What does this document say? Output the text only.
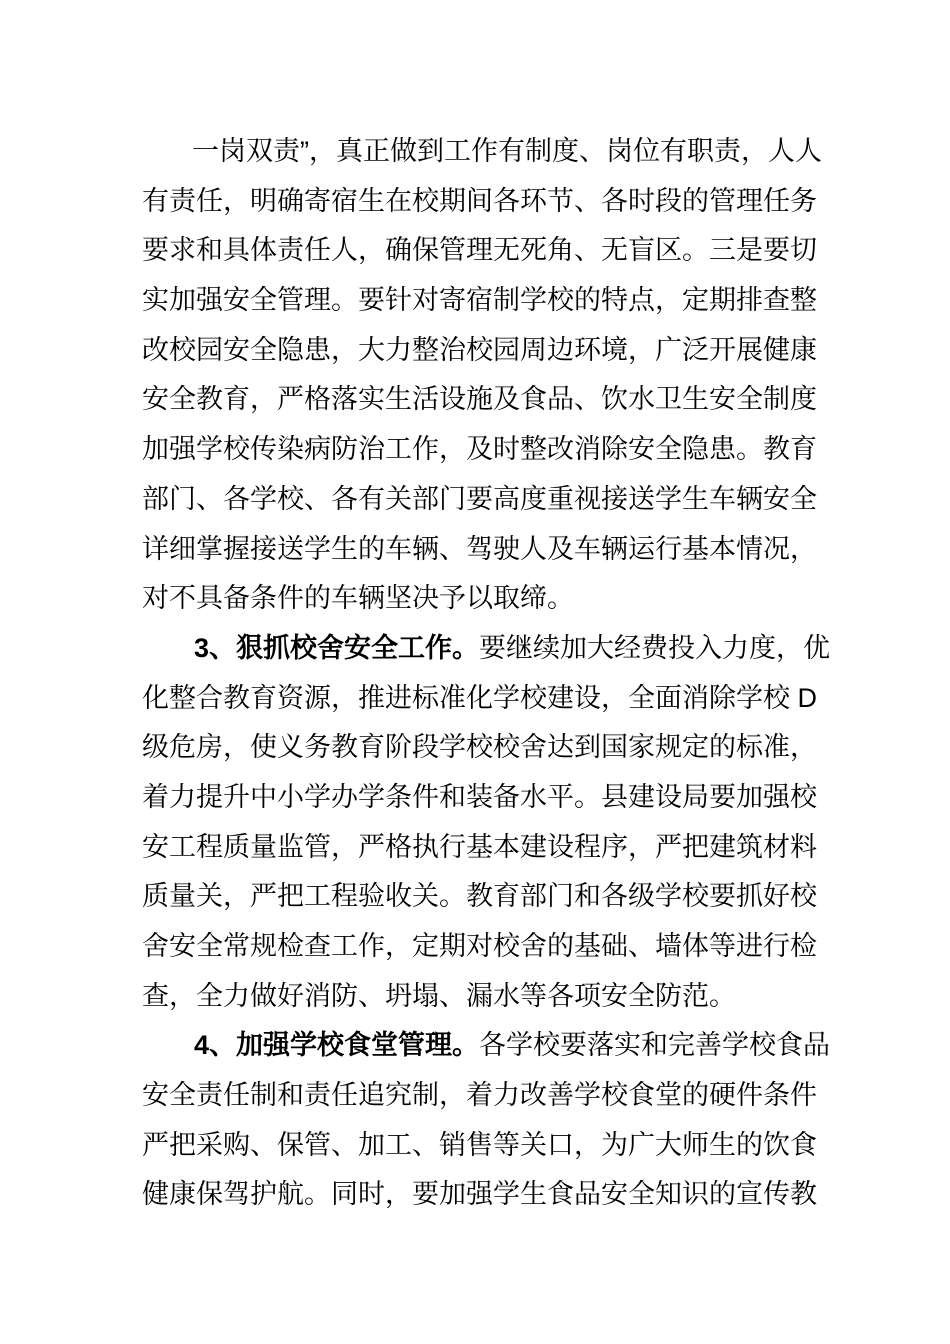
一岗双责”，真正做到工作有制度、岗位有职责，人人
有责任，明确寄宿生在校期间各环节、各时段的管理任务
要求和具体责任人，确保管理无死角、无盲区。三是要切
实加强安全管理。要针对寄宿制学校的特点，定期排查整
改校园安全隐患，大力整治校园周边环境，广泛开展健康
安全教育，严格落实生活设施及食品、饮水卫生安全制度
加强学校传染病防治工作，及时整改消除安全隐患。教育
部门、各学校、各有关部门要高度重视接送学生车辆安全
详细掌握接送学生的车辆、驾驶人及车辆运行基本情况，
对不具备条件的车辆坚决予以取缔。
3、狠抓校舍安全工作。要继续加大经费投入力度，优
化整合教育资源，推进标准化学校建设，全面消除学校 D
级危房，使义务教育阶段学校校舍达到国家规定的标准，
着力提升中小学办学条件和装备水平。县建设局要加强校
安工程质量监管，严格执行基本建设程序，严把建筑材料
质量关，严把工程验收关。教育部门和各级学校要抓好校
舍安全常规检查工作，定期对校舍的基础、墙体等进行检
查，全力做好消防、坍塌、漏水等各项安全防范。
4、加强学校食堂管理。各学校要落实和完善学校食品
安全责任制和责任追究制，着力改善学校食堂的硬件条件
严把采购、保管、加工、销售等关口，为广大师生的饮食
健康保驾护航。同时，要加强学生食品安全知识的宣传教
